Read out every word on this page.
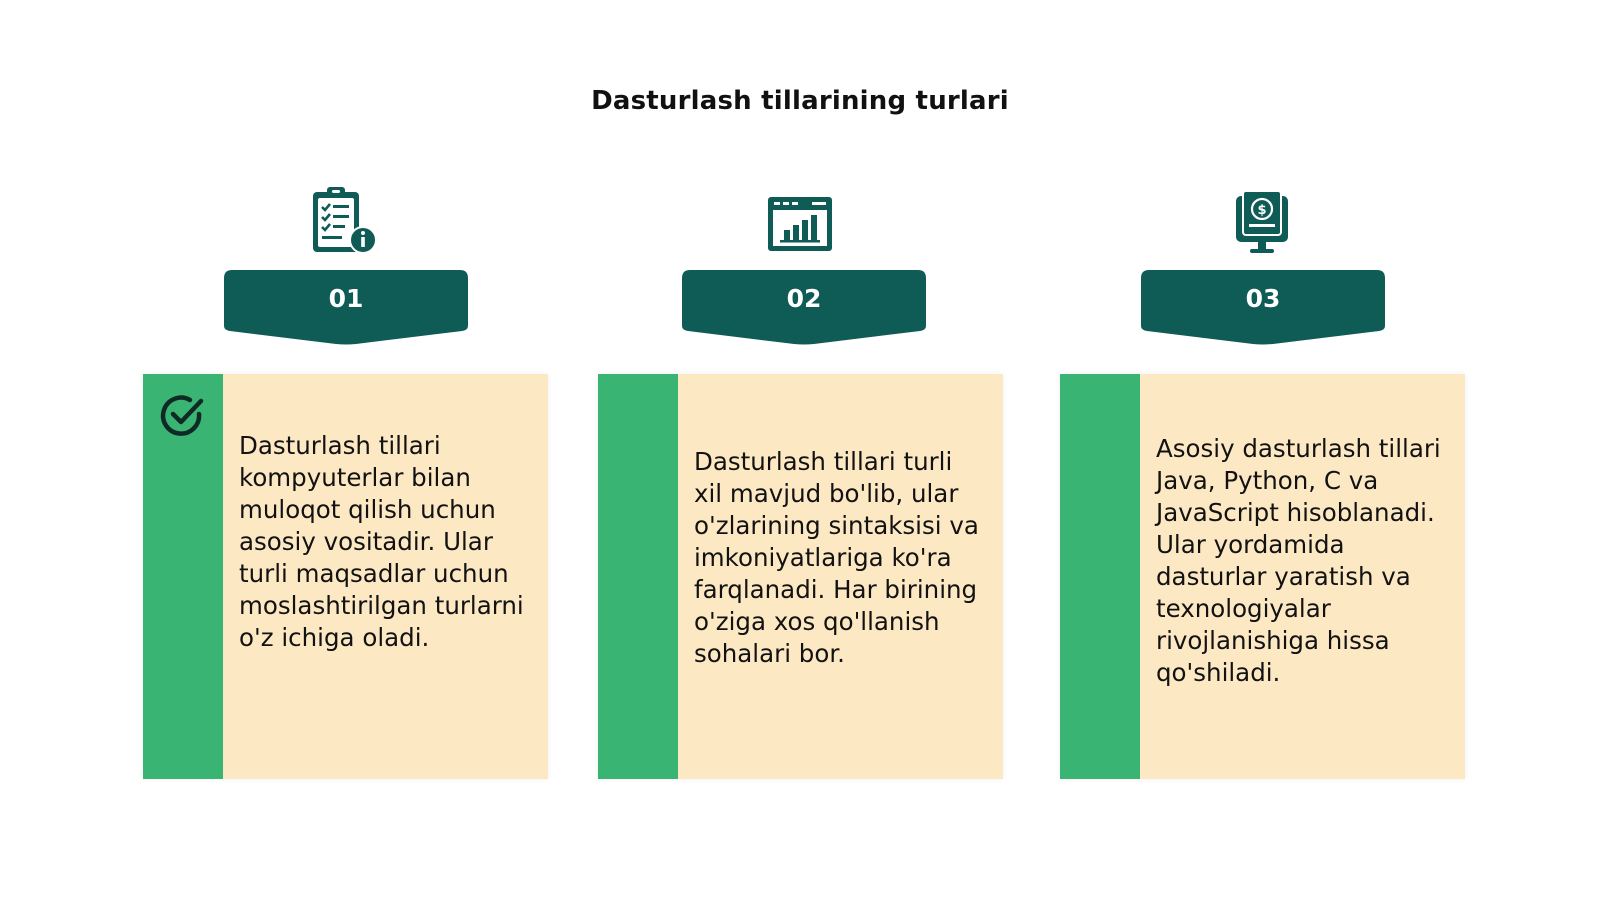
Dasturlash tillarining turlari
01
Dasturlash tillari kompyuterlar bilan muloqot qilish uchun asosiy vositadir. Ular turli maqsadlar uchun moslashtirilgan turlarni o'z ichiga oladi.
02
Dasturlash tillari turli xil mavjud bo'lib, ular o'zlarining sintaksisi va imkoniyatlariga ko'ra farqlanadi. Har birining o'ziga xos qo'llanish sohalari bor.
$
03
Asosiy dasturlash tillari Java, Python, C va JavaScript hisoblanadi. Ular yordamida dasturlar yaratish va texnologiyalar rivojlanishiga hissa qo'shiladi.
